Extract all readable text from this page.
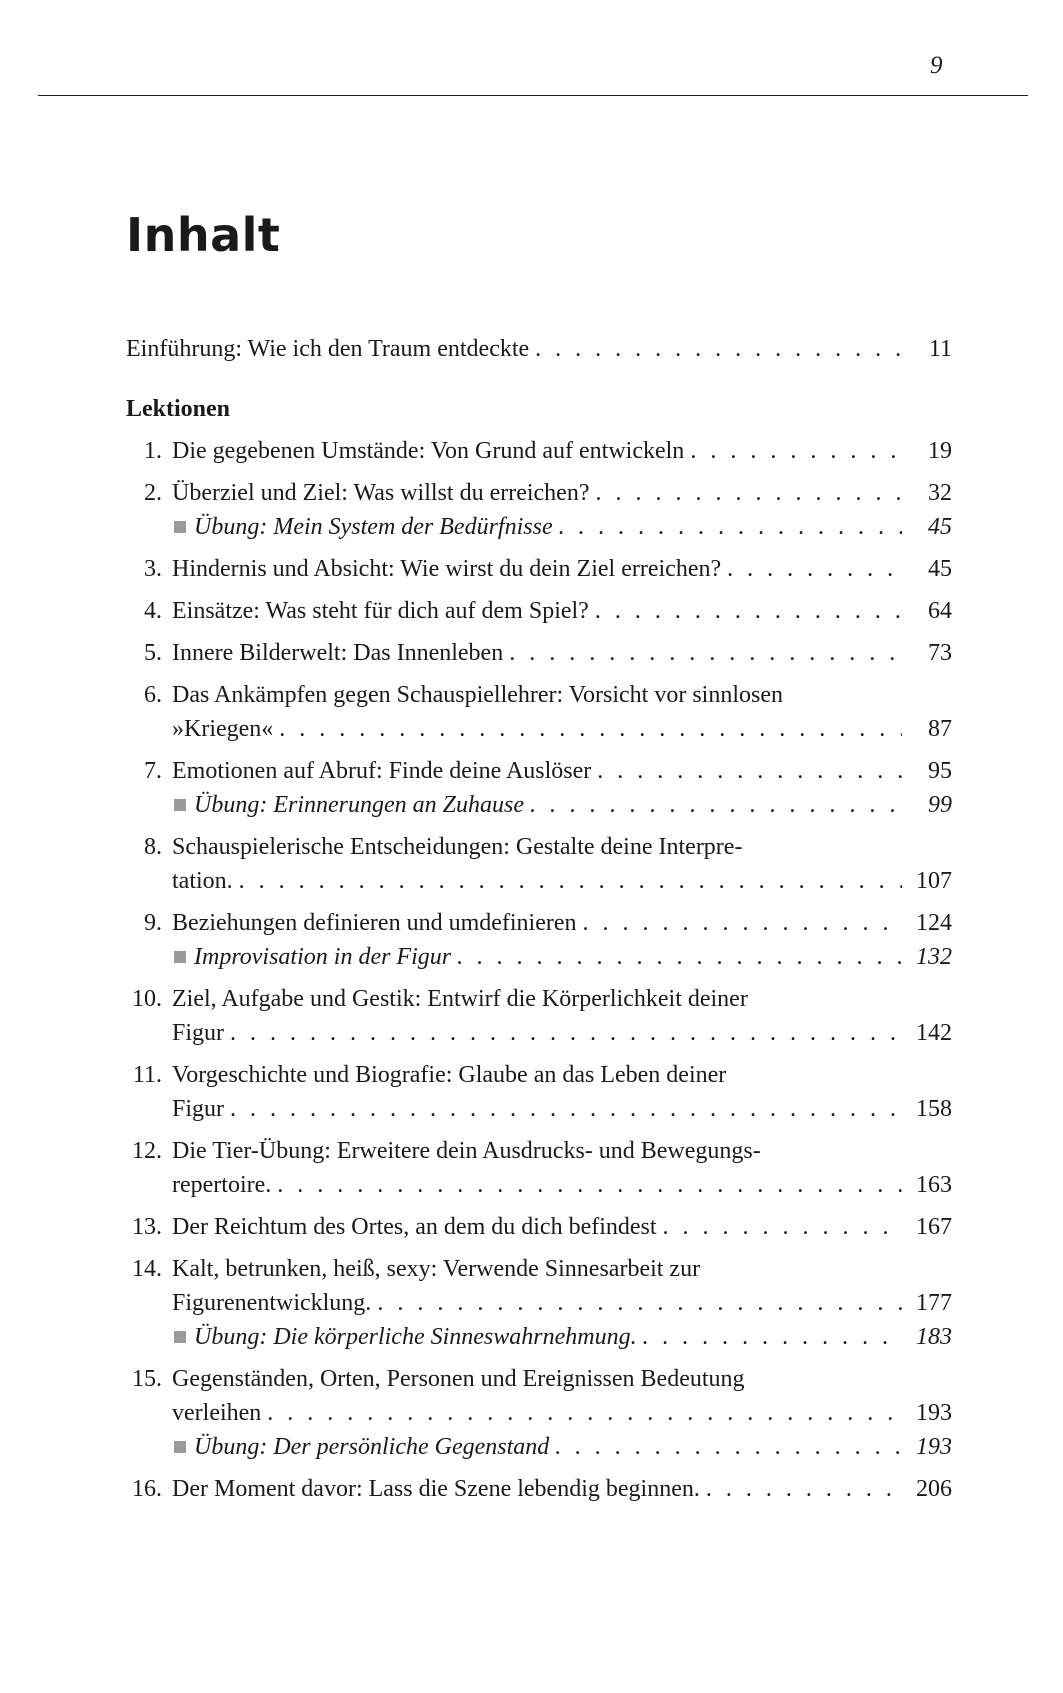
9
Inhalt
Einführung: Wie ich den Traum entdeckte . . .	11
Lektionen
1. Die gegebenen Umstände: Von Grund auf entwickeln . . .	19
2. Überziel und Ziel: Was willst du erreichen? . . .	32
Übung: Mein System der Bedürfnisse . . .	45
3. Hindernis und Absicht: Wie wirst du dein Ziel erreichen? . . .	45
4. Einsätze: Was steht für dich auf dem Spiel? . . .	64
5. Innere Bilderwelt: Das Innenleben . . .	73
6. Das Ankämpfen gegen Schauspiellehrer: Vorsicht vor sinnlosen
»Kriegen« . . .	87
7. Emotionen auf Abruf: Finde deine Auslöser . . .	95
Übung: Erinnerungen an Zuhause . . .	99
8. Schauspielerische Entscheidungen: Gestalte deine Interpre-
tation. . . .	107
9. Beziehungen definieren und umdefinieren . . .	124
Improvisation in der Figur . . .	132
10. Ziel, Aufgabe und Gestik: Entwirf die Körperlichkeit deiner
Figur . . .	142
11. Vorgeschichte und Biografie: Glaube an das Leben deiner
Figur . . .	158
12. Die Tier-Übung: Erweitere dein Ausdrucks- und Bewegungs-
repertoire. . . .	163
13. Der Reichtum des Ortes, an dem du dich befindest . . .	167
14. Kalt, betrunken, heiß, sexy: Verwende Sinnesarbeit zur
Figurenentwicklung. . . .	177
Übung: Die körperliche Sinneswahrnehmung. . . .	183
15. Gegenständen, Orten, Personen und Ereignissen Bedeutung
verleihen . . .	193
Übung: Der persönliche Gegenstand . . .	193
16. Der Moment davor: Lass die Szene lebendig beginnen. . . .	206
